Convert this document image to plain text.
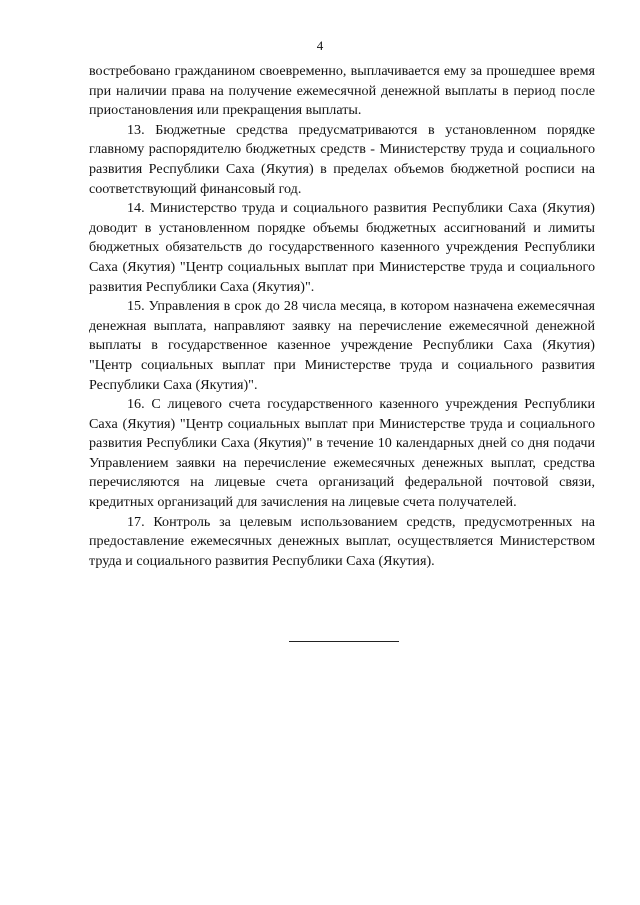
4

востребовано гражданином своевременно, выплачивается ему за прошедшее время при наличии права на получение ежемесячной денежной выплаты в период после приостановления или прекращения выплаты.

13. Бюджетные средства предусматриваются в установленном порядке главному распорядителю бюджетных средств - Министерству труда и социального развития Республики Саха (Якутия) в пределах объемов бюджетной росписи на соответствующий финансовый год.

14. Министерство труда и социального развития Республики Саха (Якутия) доводит в установленном порядке объемы бюджетных ассигнований и лимиты бюджетных обязательств до государственного казенного учреждения Республики Саха (Якутия) "Центр социальных выплат при Министерстве труда и социального развития Республики Саха (Якутия)".

15. Управления в срок до 28 числа месяца, в котором назначена ежемесячная денежная выплата, направляют заявку на перечисление ежемесячной денежной выплаты в государственное казенное учреждение Республики Саха (Якутия) "Центр социальных выплат при Министерстве труда и социального развития Республики Саха (Якутия)".

16. С лицевого счета государственного казенного учреждения Республики Саха (Якутия) "Центр социальных выплат при Министерстве труда и социального развития Республики Саха (Якутия)" в течение 10 календарных дней со дня подачи Управлением заявки на перечисление ежемесячных денежных выплат, средства перечисляются на лицевые счета организаций федеральной почтовой связи, кредитных организаций для зачисления на лицевые счета получателей.

17. Контроль за целевым использованием средств, предусмотренных на предоставление ежемесячных денежных выплат, осуществляется Министерством труда и социального развития Республики Саха (Якутия).
